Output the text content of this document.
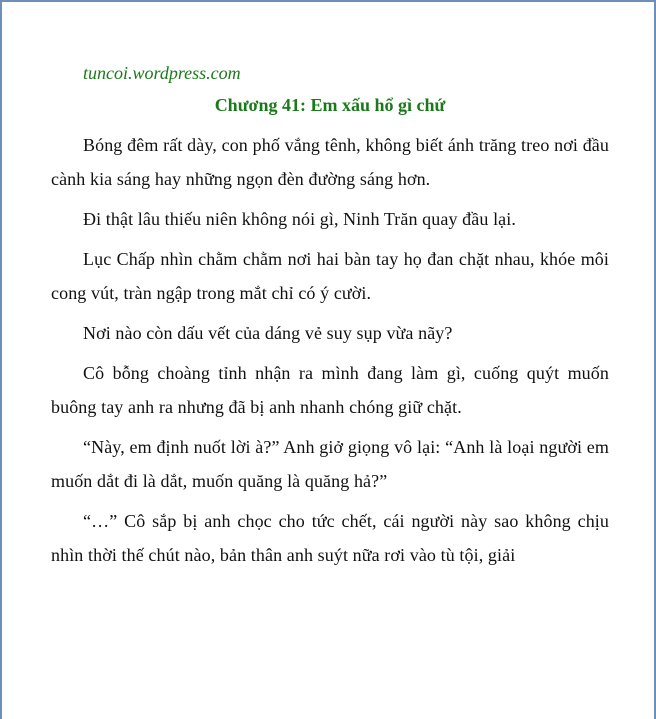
tuncoi.wordpress.com
Chương 41: Em xấu hổ gì chứ

Bóng đêm rất dày, con phố vắng tênh, không biết ánh trăng treo nơi đầu cành kia sáng hay những ngọn đèn đường sáng hơn.

Đi thật lâu thiếu niên không nói gì, Ninh Trăn quay đầu lại.

Lục Chấp nhìn chằm chằm nơi hai bàn tay họ đan chặt nhau, khóe môi cong vút, tràn ngập trong mắt chỉ có ý cười.

Nơi nào còn dấu vết của dáng vẻ suy sụp vừa nãy?

Cô bỗng choàng tỉnh nhận ra mình đang làm gì, cuống quýt muốn buông tay anh ra nhưng đã bị anh nhanh chóng giữ chặt.

“Này, em định nuốt lời à?” Anh giở giọng vô lại: “Anh là loại người em muốn dắt đi là dắt, muốn quăng là quăng hả?”

“…” Cô sắp bị anh chọc cho tức chết, cái người này sao không chịu nhìn thời thế chút nào, bản thân anh suýt nữa rơi vào tù tội, giải
